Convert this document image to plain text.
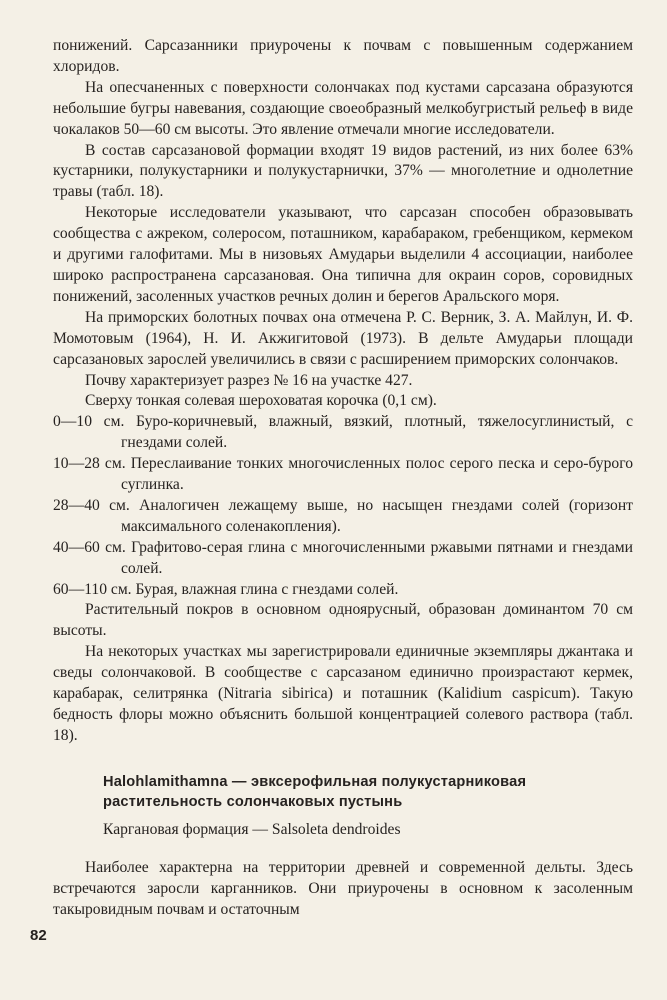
понижений. Сарсазанники приурочены к почвам с повышенным содержанием хлоридов.

На опесчаненных с поверхности солончаках под кустами сарсазана образуются небольшие бугры навевания, создающие своеобразный мелкобугристый рельеф в виде чокалаков 50—60 см высоты. Это явление отмечали многие исследователи.

В состав сарсазановой формации входят 19 видов растений, из них более 63% кустарники, полукустарники и полукустарнички, 37% — многолетние и однолетние травы (табл. 18).

Некоторые исследователи указывают, что сарсазан способен образовывать сообщества с ажреком, солеросом, поташником, карабараком, гребенщиком, кермеком и другими галофитами. Мы в низовьях Амударьи выделили 4 ассоциации, наиболее широко распространена сарсазановая. Она типична для окраин соров, соровидных понижений, засоленных участков речных долин и берегов Аральского моря.

На приморских болотных почвах она отмечена Р. С. Верник, З. А. Майлун, И. Ф. Момотовым (1964), Н. И. Акжигитовой (1973). В дельте Амударьи площади сарсазановых зарослей увеличились в связи с расширением приморских солончаков.

Почву характеризует разрез № 16 на участке 427.

Сверху тонкая солевая шероховатая корочка (0,1 см).

0—10 см. Буро-коричневый, влажный, вязкий, плотный, тяжелосуглинистый, с гнездами солей.

10—28 см. Переслаивание тонких многочисленных полос серого песка и серо-бурого суглинка.

28—40 см. Аналогичен лежащему выше, но насыщен гнездами солей (горизонт максимального соленакопления).

40—60 см. Графитово-серая глина с многочисленными ржавыми пятнами и гнездами солей.

60—110 см. Бурая, влажная глина с гнездами солей.

Растительный покров в основном одноярусный, образован доминантом 70 см высоты.

На некоторых участках мы зарегистрировали единичные экземпляры джантака и сведы солончаковой. В сообществе с сарсазаном единично произрастают кермек, карабарак, селитрянка (Nitraria sibirica) и поташник (Kalidium caspicum). Такую бедность флоры можно объяснить большой концентрацией солевого раствора (табл. 18).

Halohlamithamna — эвксерофильная полукустарниковая растительность солончаковых пустынь
Каргановая формация — Salsoleta dendroides

Наиболее характерна на территории древней и современной дельты. Здесь встречаются заросли карганников. Они приурочены в основном к засоленным такыровидным почвам и остаточным

82
